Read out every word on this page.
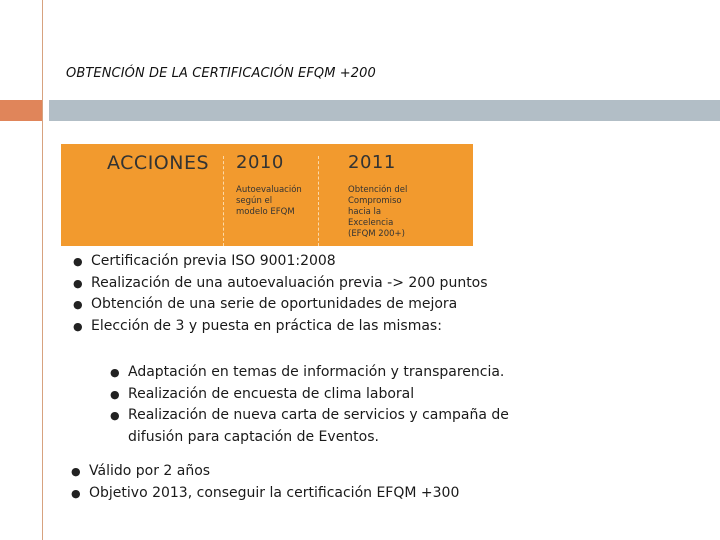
OBTENCIÓN DE LA CERTIFICACIÓN EFQM +200
ACCIONES 2010
Autoevaluación
según el
modelo EFQM
2011
Obtención del
Compromiso
hacia la
Excelencia
(EFQM 200+)
● Certificación previa ISO 9001:2008
● Realización de una autoevaluación previa -> 200 puntos
● Obtención de una serie de oportunidades de mejora
● Elección de 3 y puesta en práctica de las mismas:
● Adaptación en temas de información y transparencia.
● Realización de encuesta de clima laboral
● Realización de nueva carta de servicios y campaña de difusión para captación de Eventos.
● Válido por 2 años
● Objetivo 2013, conseguir la certificación EFQM +300
